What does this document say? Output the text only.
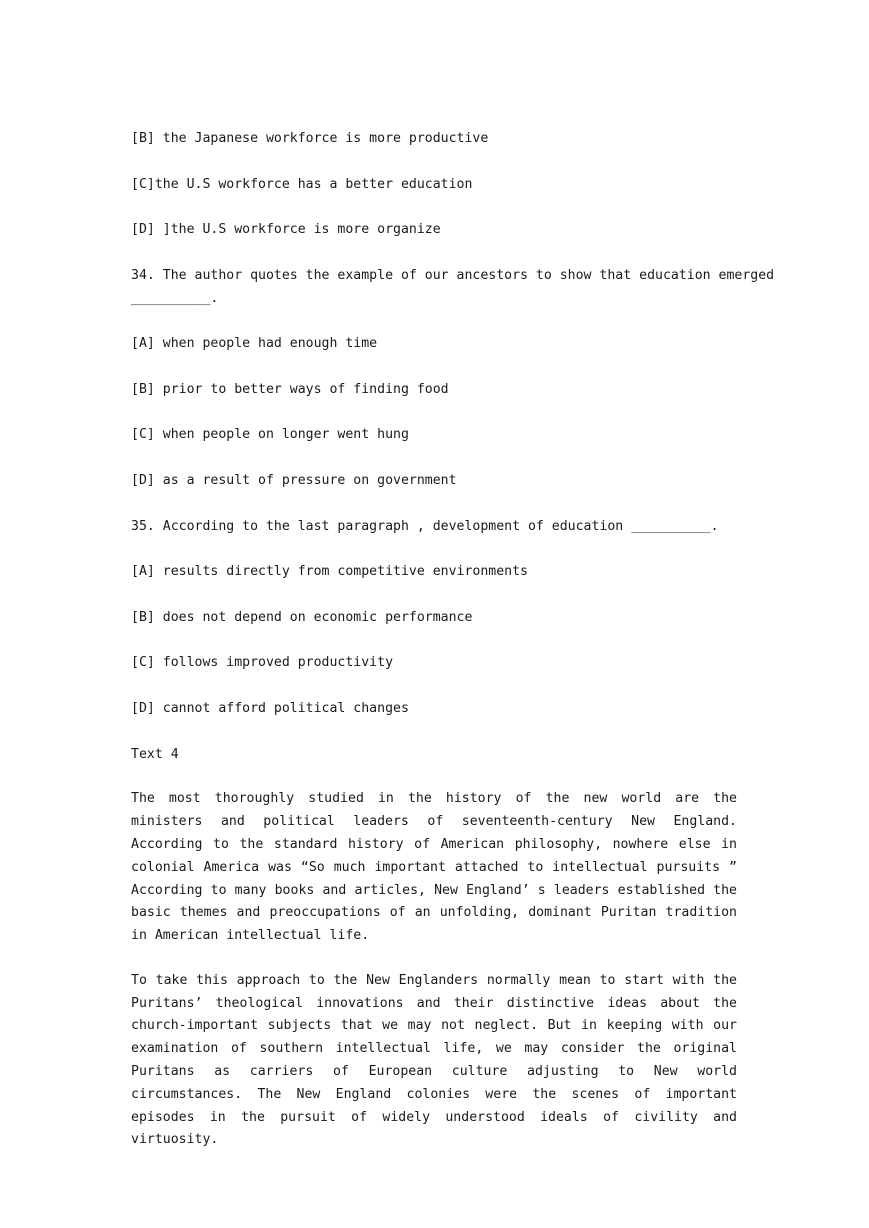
[B] the Japanese workforce is more productive

[C]the U.S workforce has a better education

[D] ]the U.S workforce is more organize

34. The author quotes the example of our ancestors to show that education emerged

__________.

[A] when people had enough time

[B] prior to better ways of finding food

[C] when people on longer went hung

[D] as a result of pressure on government

35. According to the last paragraph , development of education __________.

[A] results directly from competitive environments

[B] does not depend on economic performance

[C] follows improved productivity

[D] cannot afford political changes

Text 4

The most thoroughly studied in the history of the new world are the ministers and political leaders of seventeenth-century New England. According to the standard history of American philosophy, nowhere else in colonial America was “So much important attached to intellectual pursuits ” According to many books and articles, New England’ s leaders established the basic themes and preoccupations of an unfolding, dominant Puritan tradition in American intellectual life.

To take this approach to the New Englanders normally mean to start with the Puritans’ theological innovations and their distinctive ideas about the church-important subjects that we may not neglect. But in keeping with our examination of southern intellectual life, we may consider the original Puritans as carriers of European culture adjusting to New world circumstances. The New England colonies were the scenes of important episodes in the pursuit of widely understood ideals of civility and virtuosity.
